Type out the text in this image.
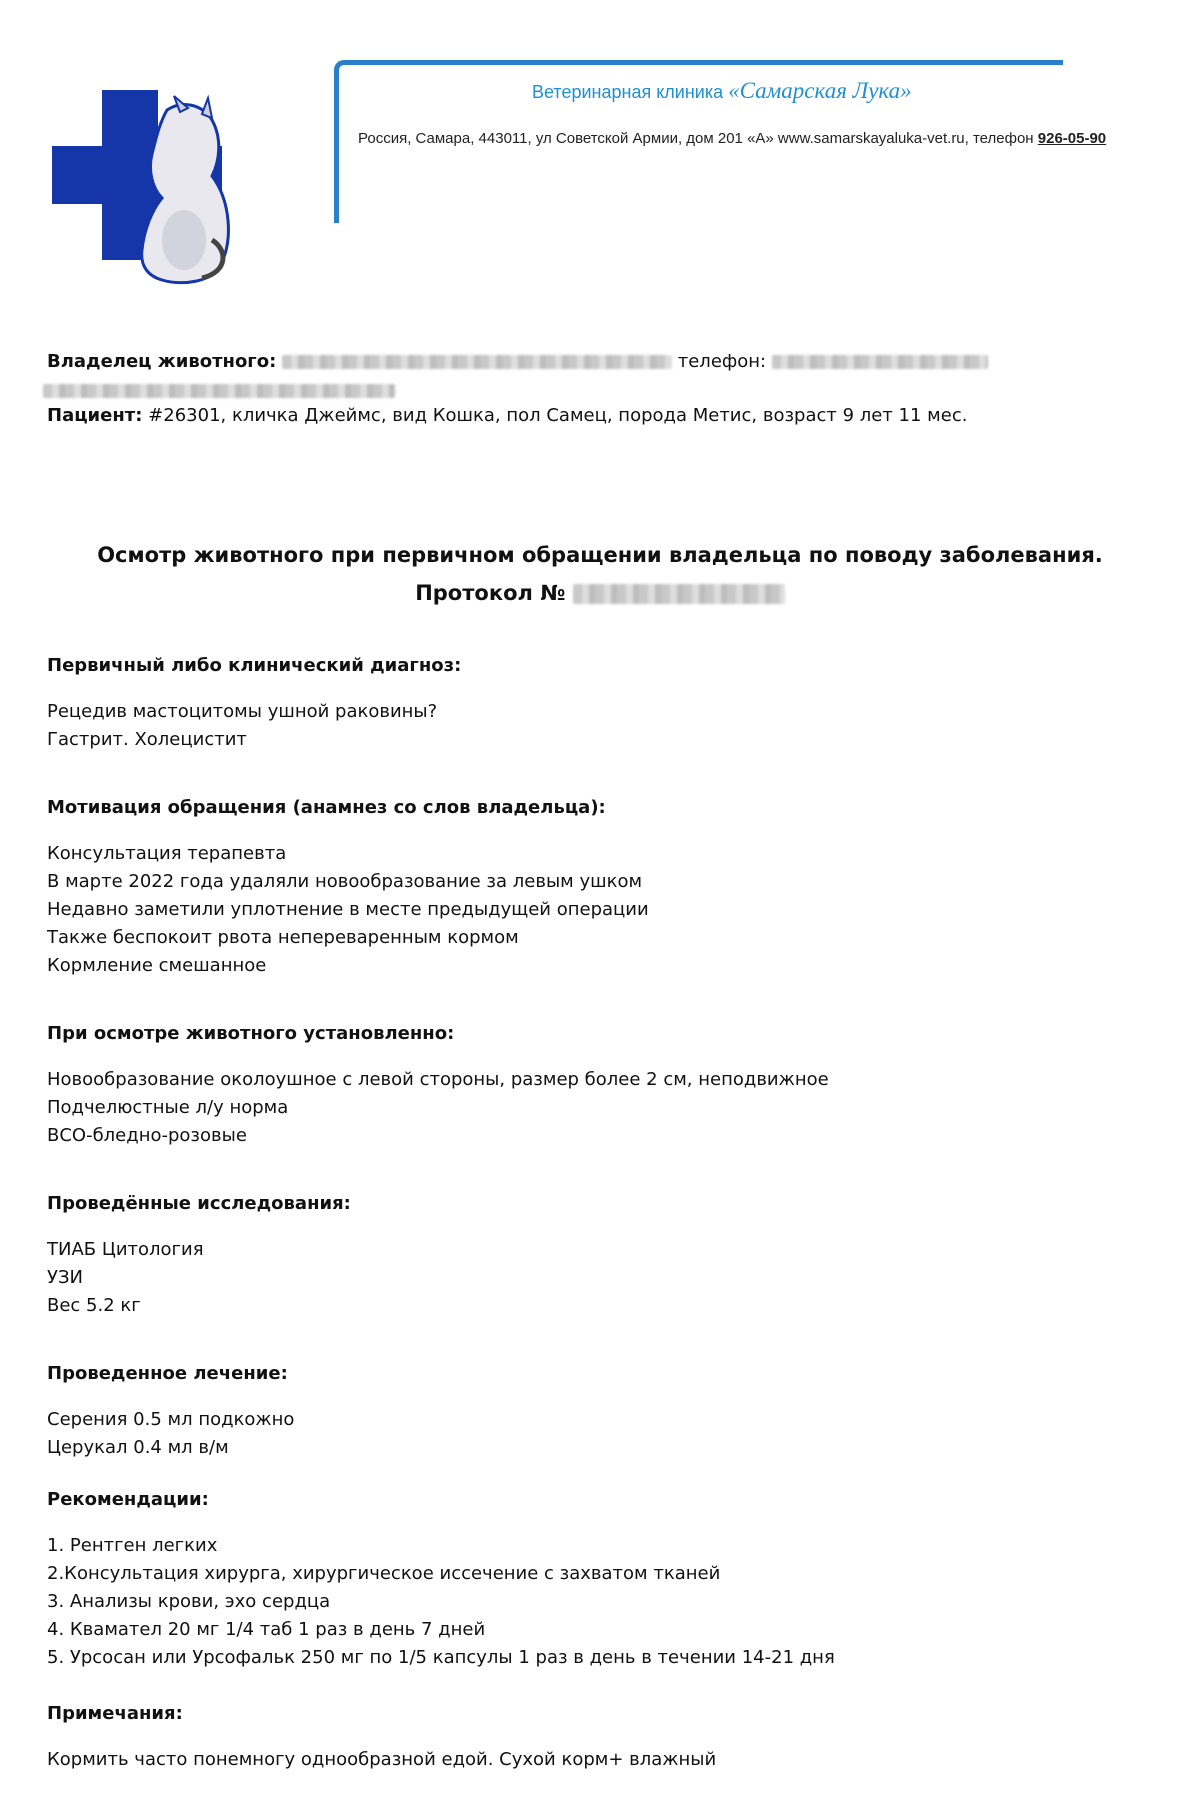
Ветеринарная клиника «Самарская Лука»
Россия, Самара, 443011, ул Советской Армии, дом 201 «А» www.samarskayaluka-vet.ru, телефон 926-05-90
Владелец животного:	телефон:
Пациент: #26301, кличка Джеймс, вид Кошка, пол Самец, порода Метис, возраст 9 лет 11 мес.
Осмотр животного при первичном обращении владельца по поводу заболевания.
Протокол №
Первичный либо клинический диагноз:
Рецедив мастоцитомы ушной раковины?
Гастрит. Холецистит
Мотивация обращения (анамнез со слов владельца):
Консультация терапевта
В марте 2022 года удаляли новообразование за левым ушком
Недавно заметили уплотнение в месте предыдущей операции
Также беспокоит рвота непереваренным кормом
Кормление смешанное
При осмотре животного установленно:
Новообразование околоушное с левой стороны, размер более 2 см, неподвижное
Подчелюстные л/у норма
ВСО-бледно-розовые
Проведённые исследования:
ТИАБ Цитология
УЗИ
Вес 5.2 кг
Проведенное лечение:
Серения 0.5 мл подкожно
Церукал 0.4 мл в/м
Рекомендации:
1. Рентген легких
2.Консультация хирурга, хирургическое иссечение с захватом тканей
3. Анализы крови, эхо сердца
4. Квамател 20 мг 1/4 таб 1 раз в день 7 дней
5. Урсосан или Урсофальк 250 мг по 1/5 капсулы 1 раз в день в течении 14-21 дня
Примечания:
Кормить часто понемногу однообразной едой. Сухой корм+ влажный
